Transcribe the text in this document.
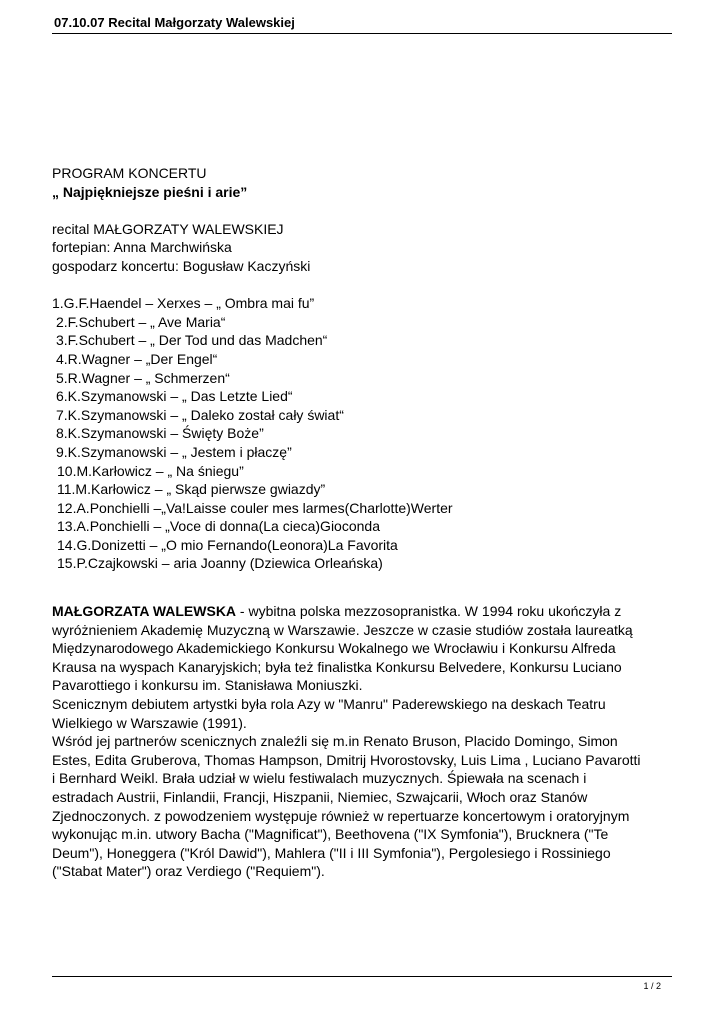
07.10.07 Recital Małgorzaty Walewskiej
PROGRAM KONCERTU
„ Najpiękniejsze pieśni i arie”
recital MAŁGORZATY WALEWSKIEJ
fortepian: Anna Marchwińska
gospodarz koncertu: Bogusław Kaczyński
1.G.F.Haendel – Xerxes – „ Ombra mai fu”
2.F.Schubert – „ Ave Maria“
3.F.Schubert – „ Der Tod und das Madchen“
4.R.Wagner – „Der Engel“
5.R.Wagner – „ Schmerzen“
6.K.Szymanowski – „ Das Letzte Lied“
7.K.Szymanowski – „ Daleko został cały świat“
8.K.Szymanowski – Święty Boże”
9.K.Szymanowski – „ Jestem i płaczę”
10.M.Karłowicz – „ Na śniegu”
11.M.Karłowicz – „ Skąd pierwsze gwiazdy”
12.A.Ponchielli –„Va!Laisse couler mes larmes(Charlotte)Werter
13.A.Ponchielli – „Voce di donna(La cieca)Gioconda
14.G.Donizetti – „O mio Fernando(Leonora)La Favorita
15.P.Czajkowski – aria Joanny (Dziewica Orleańska)
MAŁGORZATA WALEWSKA - wybitna polska mezzosopranistka. W 1994 roku ukończyła z
wyróżnieniem Akademię Muzyczną w Warszawie. Jeszcze w czasie studiów została laureatką
Międzynarodowego Akademickiego Konkursu Wokalnego we Wrocławiu i Konkursu Alfreda
Krausa na wyspach Kanaryjskich; była też finalistka Konkursu Belvedere, Konkursu Luciano
Pavarottiego i konkursu im. Stanisława Moniuszki.
Scenicznym debiutem artystki była rola Azy w "Manru" Paderewskiego na deskach Teatru
Wielkiego w Warszawie (1991).
Wśród jej partnerów scenicznych znaleźli się m.in Renato Bruson, Placido Domingo, Simon
Estes, Edita Gruberova, Thomas Hampson, Dmitrij Hvorostovsky, Luis Lima , Luciano Pavarotti
i Bernhard Weikl. Brała udział w wielu festiwalach muzycznych. Śpiewała na scenach i
estradach Austrii, Finlandii, Francji, Hiszpanii, Niemiec, Szwajcarii, Włoch oraz Stanów
Zjednoczonych. z powodzeniem występuje również w repertuarze koncertowym i oratoryjnym
wykonując m.in. utwory Bacha ("Magnificat"), Beethovena ("IX Symfonia"), Brucknera ("Te
Deum"), Honeggera ("Król Dawid"), Mahlera ("II i III Symfonia"), Pergolesiego i Rossiniego
("Stabat Mater") oraz Verdiego ("Requiem").
1 / 2
